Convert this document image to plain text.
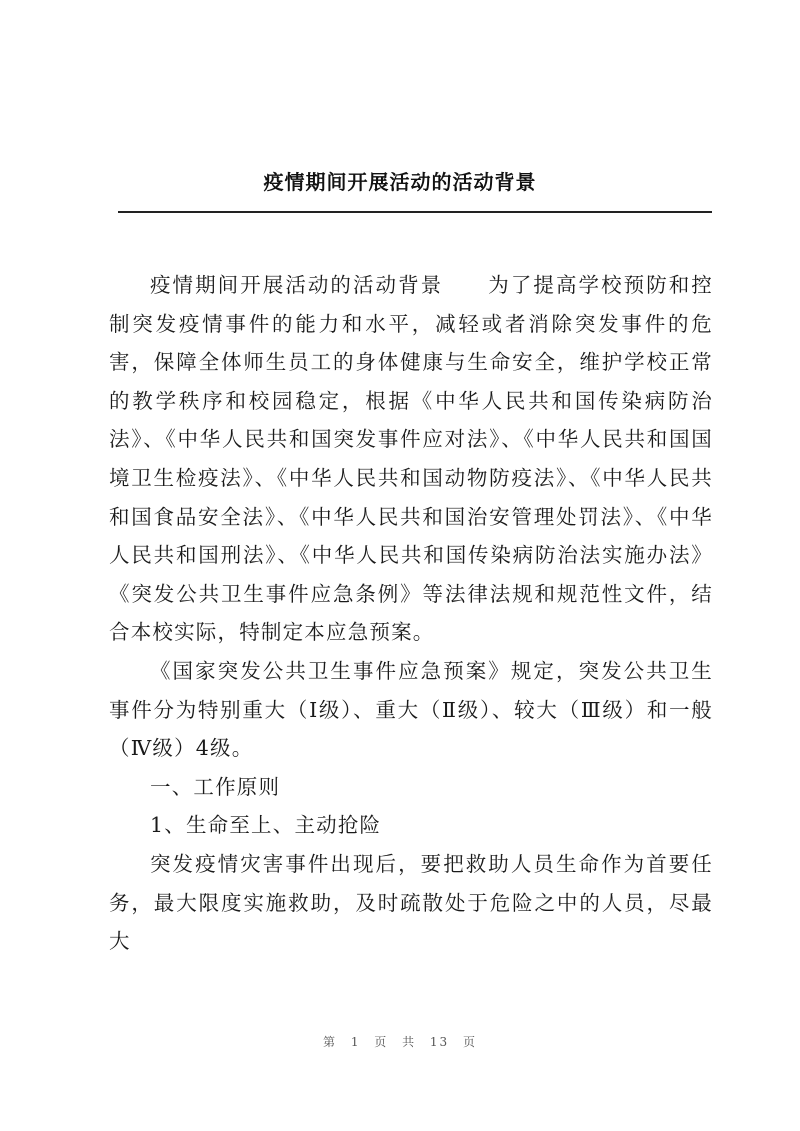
疫情期间开展活动的活动背景

疫情期间开展活动的活动背景　　为了提高学校预防和控制突发疫情事件的能力和水平，减轻或者消除突发事件的危害，保障全体师生员工的身体健康与生命安全，维护学校正常的教学秩序和校园稳定，根据《中华人民共和国传染病防治法》、《中华人民共和国突发事件应对法》、《中华人民共和国国境卫生检疫法》、《中华人民共和国动物防疫法》、《中华人民共和国食品安全法》、《中华人民共和国治安管理处罚法》、《中华人民共和国刑法》、《中华人民共和国传染病防治法实施办法》《突发公共卫生事件应急条例》等法律法规和规范性文件，结合本校实际，特制定本应急预案。

《国家突发公共卫生事件应急预案》规定，突发公共卫生事件分为特别重大（Ⅰ级）、重大（Ⅱ级）、较大（Ⅲ级）和一般（Ⅳ级）4级。

一、工作原则

1、生命至上、主动抢险

突发疫情灾害事件出现后，要把救助人员生命作为首要任务，最大限度实施救助，及时疏散处于危险之中的人员，尽最大

第 1 页 共 13 页
